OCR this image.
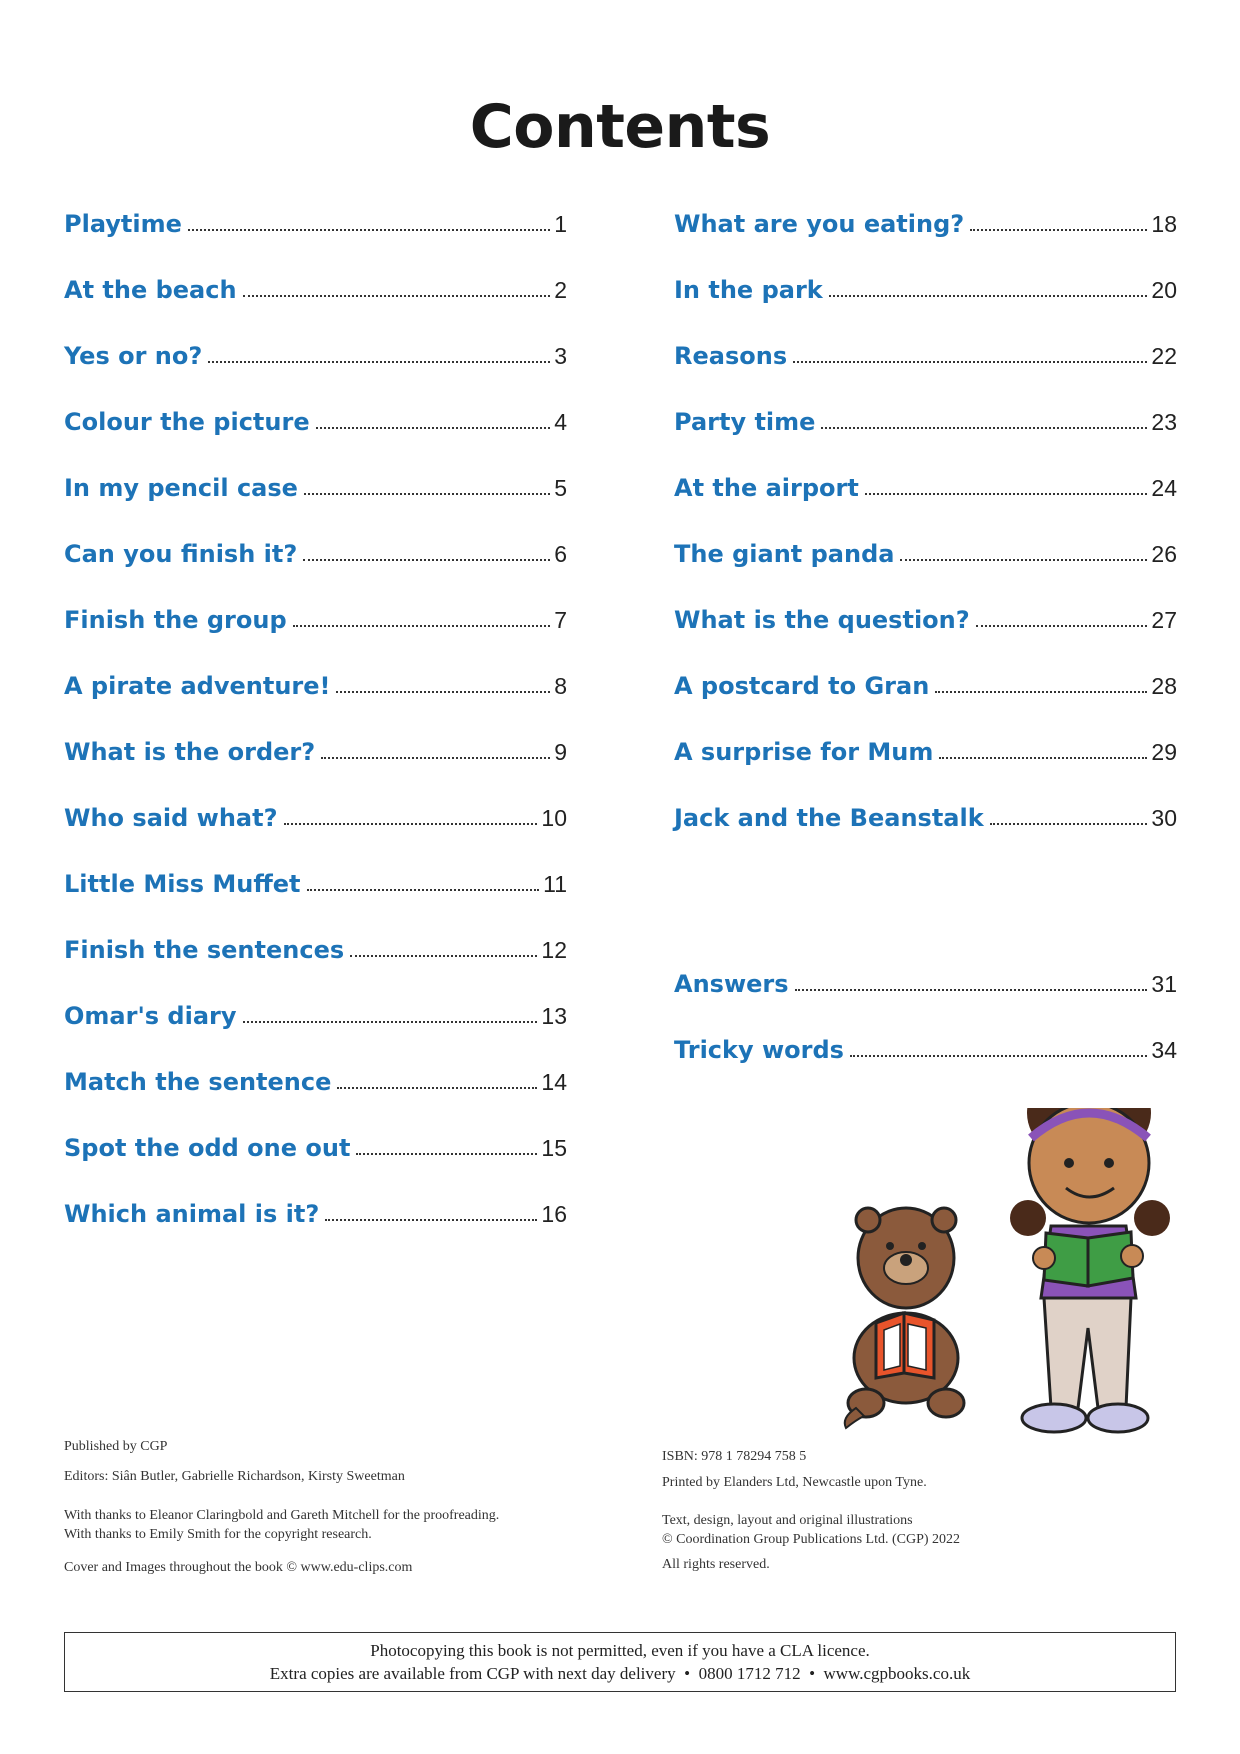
Contents
Playtime	1
At the beach	2
Yes or no?	3
Colour the picture	4
In my pencil case	5
Can you finish it?	6
Finish the group	7
A pirate adventure!	8
What is the order?	9
Who said what?	10
Little Miss Muffet	11
Finish the sentences	12
Omar's diary	13
Match the sentence	14
Spot the odd one out	15
Which animal is it?	16
What are you eating?	18
In the park	20
Reasons	22
Party time	23
At the airport	24
The giant panda	26
What is the question?	27
A postcard to Gran	28
A surprise for Mum	29
Jack and the Beanstalk	30
Answers	31
Tricky words	34

Published by CGP

Editors: Siân Butler, Gabrielle Richardson, Kirsty Sweetman

With thanks to Eleanor Claringbold and Gareth Mitchell for the proofreading.

With thanks to Emily Smith for the copyright research.

Cover and Images throughout the book © www.edu-clips.com

ISBN: 978 1 78294 758 5

Printed by Elanders Ltd, Newcastle upon Tyne.

Text, design, layout and original illustrations

© Coordination Group Publications Ltd. (CGP) 2022

All rights reserved.

Photocopying this book is not permitted, even if you have a CLA licence.
Extra copies are available from CGP with next day delivery  •  0800 1712 712  •  www.cgpbooks.co.uk
